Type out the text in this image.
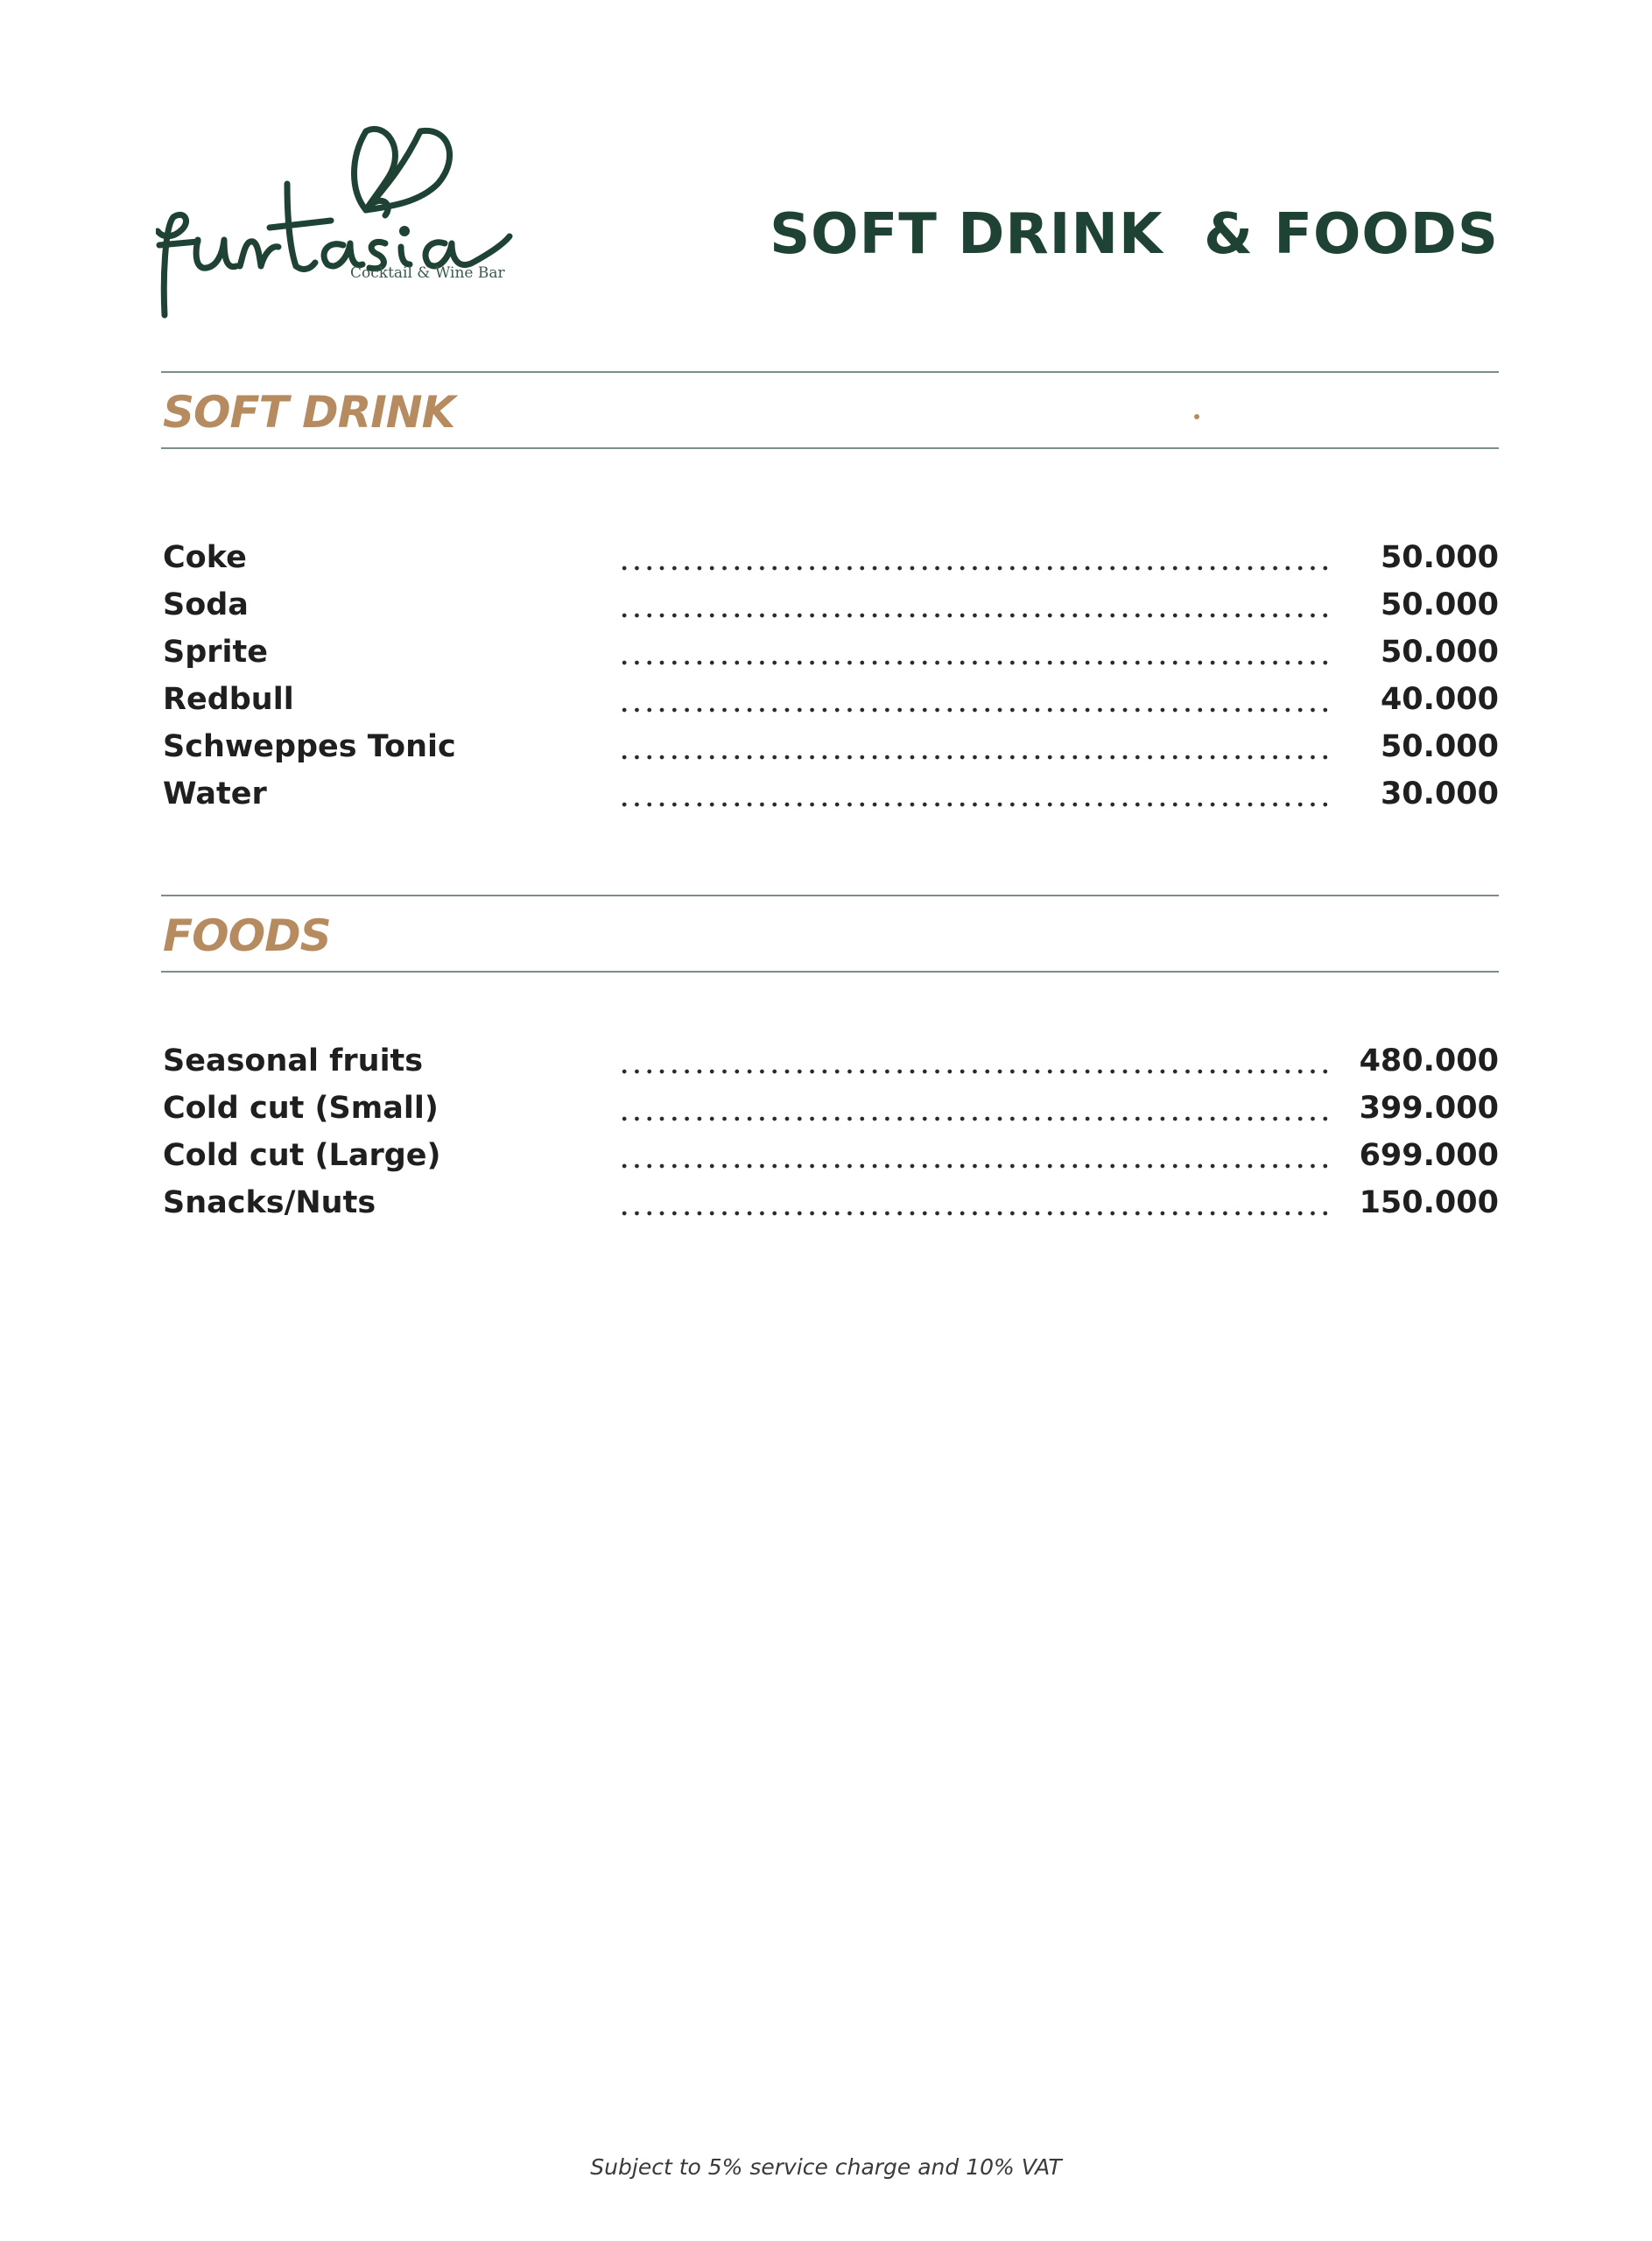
Cocktail & Wine Bar
SOFT DRINK  & FOODS
SOFT DRINK
Coke	50.000
Soda	50.000
Sprite	50.000
Redbull	40.000
Schweppes Tonic	50.000
Water	30.000
FOODS
Seasonal fruits	480.000
Cold cut (Small)	399.000
Cold cut (Large)	699.000
Snacks/Nuts	150.000
Subject to 5% service charge and 10% VAT
